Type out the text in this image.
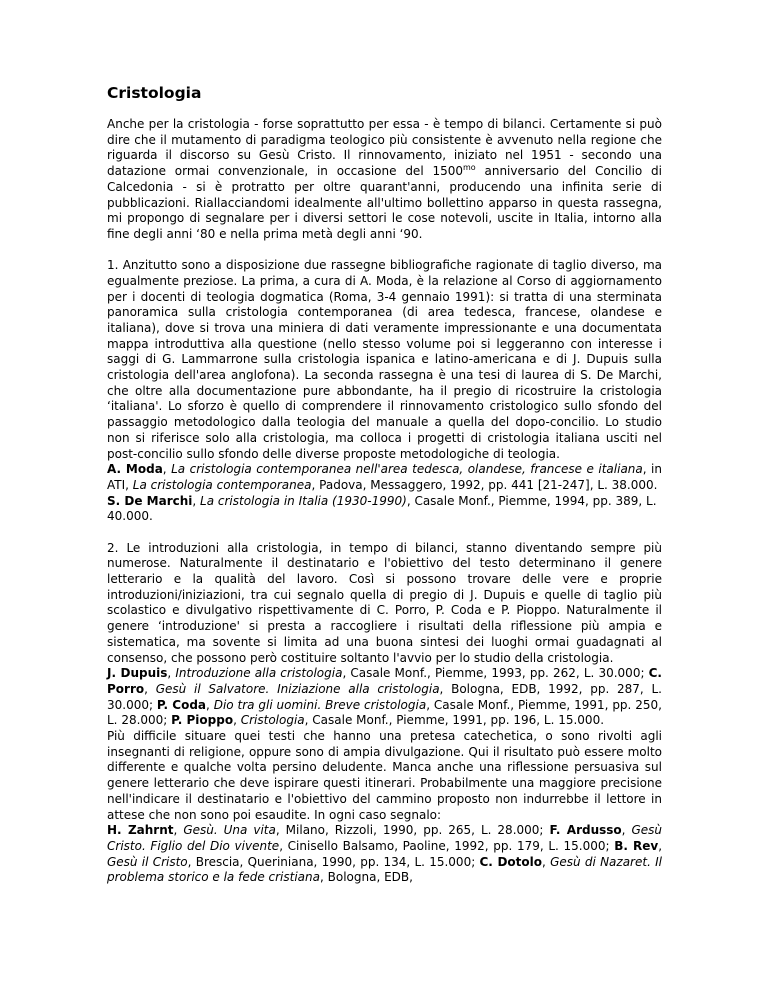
Cristologia

Anche per la cristologia - forse soprattutto per essa - è tempo di bilanci. Certamente si può dire che il mutamento di paradigma teologico più consistente è avvenuto nella regione che riguarda il discorso su Gesù Cristo. Il rinnovamento, iniziato nel 1951 - secondo una datazione ormai convenzionale, in occasione del $1500^{mo}$ anniversario del Concilio di Calcedonia - si è protratto per oltre quarant'anni, producendo una infinita serie di pubblicazioni. Riallacciandomi idealmente all'ultimo bollettino apparso in questa rassegna, mi propongo di segnalare per i diversi settori le cose notevoli, uscite in Italia, intorno alla fine degli anni ‘80 e nella prima metà degli anni ‘90.

1. Anzitutto sono a disposizione due rassegne bibliografiche ragionate di taglio diverso, ma egualmente preziose. La prima, a cura di A. Moda, è la relazione al Corso di aggiornamento per i docenti di teologia dogmatica (Roma, 3-4 gennaio 1991): si tratta di una sterminata panoramica sulla cristologia contemporanea (di area tedesca, francese, olandese e italiana), dove si trova una miniera di dati veramente impressionante e una documentata mappa introduttiva alla questione (nello stesso volume poi si leggeranno con interesse i saggi di G. Lammarrone sulla cristologia ispanica e latino-americana e di J. Dupuis sulla cristologia dell'area anglofona). La seconda rassegna è una tesi di laurea di S. De Marchi, che oltre alla documentazione pure abbondante, ha il pregio di ricostruire la cristologia ‘italiana'. Lo sforzo è quello di comprendere il rinnovamento cristologico sullo sfondo del passaggio metodologico dalla teologia del manuale a quella del dopo-concilio. Lo studio non si riferisce solo alla cristologia, ma colloca i progetti di cristologia italiana usciti nel post-concilio sullo sfondo delle diverse proposte metodologiche di teologia.
A. Moda, La cristologia contemporanea nell'area tedesca, olandese, francese e italiana, in ATI, La cristologia contemporanea, Padova, Messaggero, 1992, pp. 441 [21-247], L. 38.000.
S. De Marchi, La cristologia in Italia (1930-1990), Casale Monf., Piemme, 1994, pp. 389, L. 40.000.

2. Le introduzioni alla cristologia, in tempo di bilanci, stanno diventando sempre più numerose. Naturalmente il destinatario e l'obiettivo del testo determinano il genere letterario e la qualità del lavoro. Così si possono trovare delle vere e proprie introduzioni/iniziazioni, tra cui segnalo quella di pregio di J. Dupuis e quelle di taglio più scolastico e divulgativo rispettivamente di C. Porro, P. Coda e P. Pioppo. Naturalmente il genere ‘introduzione' si presta a raccogliere i risultati della riflessione più ampia e sistematica, ma sovente si limita ad una buona sintesi dei luoghi ormai guadagnati al consenso, che possono però costituire soltanto l'avvio per lo studio della cristologia.
J. Dupuis, Introduzione alla cristologia, Casale Monf., Piemme, 1993, pp. 262, L. 30.000; C. Porro, Gesù il Salvatore. Iniziazione alla cristologia, Bologna, EDB, 1992, pp. 287, L. 30.000; P. Coda, Dio tra gli uomini. Breve cristologia, Casale Monf., Piemme, 1991, pp. 250, L. 28.000; P. Pioppo, Cristologia, Casale Monf., Piemme, 1991, pp. 196, L. 15.000.
Più difficile situare quei testi che hanno una pretesa catechetica, o sono rivolti agli insegnanti di religione, oppure sono di ampia divulgazione. Qui il risultato può essere molto differente e qualche volta persino deludente. Manca anche una riflessione persuasiva sul genere letterario che deve ispirare questi itinerari. Probabilmente una maggiore precisione nell'indicare il destinatario e l'obiettivo del cammino proposto non indurrebbe il lettore in attese che non sono poi esaudite. In ogni caso segnalo:
H. Zahrnt, Gesù. Una vita, Milano, Rizzoli, 1990, pp. 265, L. 28.000; F. Ardusso, Gesù Cristo. Figlio del Dio vivente, Cinisello Balsamo, Paoline, 1992, pp. 179, L. 15.000; B. Rev, Gesù il Cristo, Brescia, Queriniana, 1990, pp. 134, L. 15.000; C. Dotolo, Gesù di Nazaret. Il problema storico e la fede cristiana, Bologna, EDB,
